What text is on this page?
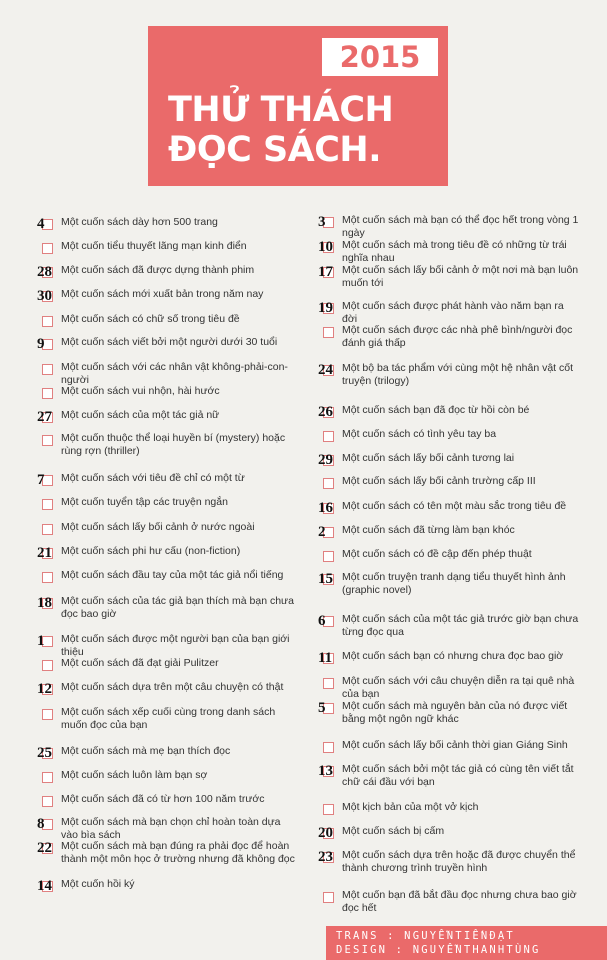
2015
THỬ THÁCH
ĐỌC SÁCH.
4	Một cuốn sách dày hơn 500 trang
Một cuốn tiểu thuyết lãng mạn kinh điển
28 Một cuốn sách đã được dựng thành phim
30 Một cuốn sách mới xuất bản trong năm nay
Một cuốn sách có chữ số trong tiêu đề
9	Một cuốn sách viết bởi một người dưới 30 tuổi
Một cuốn sách với các nhân vật không-phải-con-người
Một cuốn sách vui nhộn, hài hước
27 Một cuốn sách của một tác giả nữ
Một cuốn thuộc thể loại huyền bí (mystery) hoặc rùng rợn (thriller)
7	Một cuốn sách với tiêu đề chỉ có một từ
Một cuốn tuyển tập các truyện ngắn
Một cuốn sách lấy bối cảnh ở nước ngoài
21 Một cuốn sách phi hư cấu (non-fiction)
Một cuốn sách đầu tay của một tác giả nổi tiếng
18 Một cuốn sách của tác giả bạn thích mà bạn chưa đọc bao giờ
1	Một cuốn sách được một người bạn của bạn giới thiệu
Một cuốn sách đã đạt giải Pulitzer
12 Một cuốn sách dựa trên một câu chuyện có thật
Một cuốn sách xếp cuối cùng trong danh sách muốn đọc của bạn
25 Một cuốn sách mà mẹ bạn thích đọc
Một cuốn sách luôn làm bạn sợ
Một cuốn sách đã có từ hơn 100 năm trước
8	Một cuốn sách mà bạn chọn chỉ hoàn toàn dựa vào bìa sách
22 Một cuốn sách mà bạn đúng ra phải đọc để hoàn thành một môn học ở trường nhưng đã không đọc
14 Một cuốn hồi ký
3	Một cuốn sách mà bạn có thể đọc hết trong vòng 1 ngày
10 Một cuốn sách mà trong tiêu đề có những từ trái nghĩa nhau
17 Một cuốn sách lấy bối cảnh ở một nơi mà bạn luôn muốn tới
19 Một cuốn sách được phát hành vào năm bạn ra đời
Một cuốn sách được các nhà phê bình/người đọc đánh giá thấp
24 Một bộ ba tác phẩm với cùng một hệ nhân vật cốt truyện (trilogy)
26 Một cuốn sách bạn đã đọc từ hồi còn bé
Một cuốn sách có tình yêu tay ba
29 Một cuốn sách lấy bối cảnh tương lai
Một cuốn sách lấy bối cảnh trường cấp III
16 Một cuốn sách có tên một màu sắc trong tiêu đề
2	Một cuốn sách đã từng làm bạn khóc
Một cuốn sách có đề cập đến phép thuật
15 Một cuốn truyện tranh dạng tiểu thuyết hình ảnh (graphic novel)
6	Một cuốn sách của một tác giả trước giờ bạn chưa từng đọc qua
11 Một cuốn sách bạn có nhưng chưa đọc bao giờ
Một cuốn sách với câu chuyện diễn ra tại quê nhà của bạn
5	Một cuốn sách mà nguyên bản của nó được viết bằng một ngôn ngữ khác
Một cuốn sách lấy bối cảnh thời gian Giáng Sinh
13 Một cuốn sách bởi một tác giả có cùng tên viết tắt chữ cái đầu với bạn
Một kịch bản của một vở kịch
20 Một cuốn sách bị cấm
23 Một cuốn sách dựa trên hoặc đã được chuyển thể thành chương trình truyền hình
Một cuốn bạn đã bắt đầu đọc nhưng chưa bao giờ đọc hết
TRANS : NGUYỄNTIẾNĐẠT
DESIGN : NGUYỄNTHANHTÙNG
